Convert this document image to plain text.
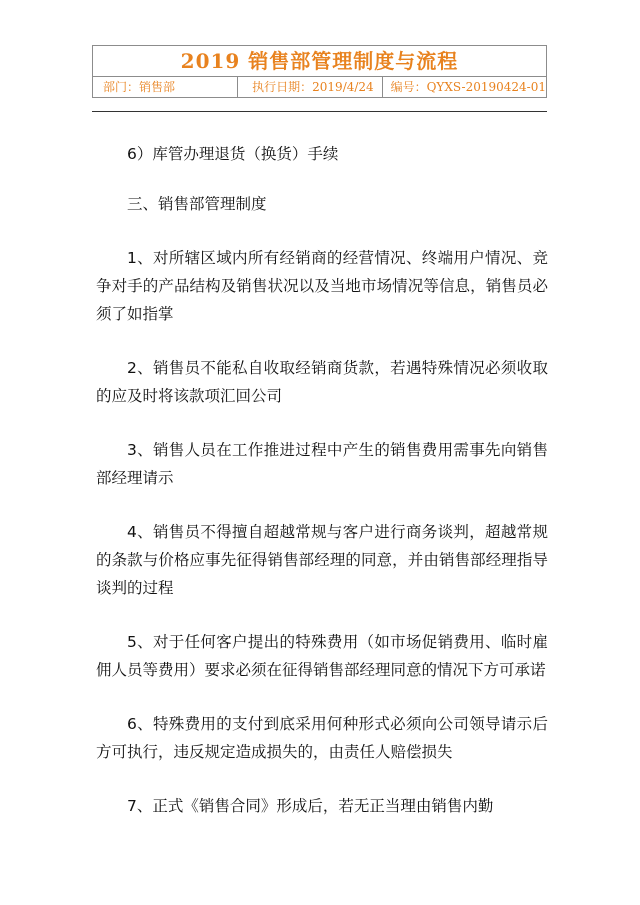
2019 销售部管理制度与流程
部门：销售部	执行日期：2019/4/24	编号：QYXS-20190424-01

6）库管办理退货（换货）手续

三、销售部管理制度

1、对所辖区域内所有经销商的经营情况、终端用户情况、竞争对手的产品结构及销售状况以及当地市场情况等信息，销售员必须了如指掌

2、销售员不能私自收取经销商货款，若遇特殊情况必须收取的应及时将该款项汇回公司

3、销售人员在工作推进过程中产生的销售费用需事先向销售部经理请示

4、销售员不得擅自超越常规与客户进行商务谈判，超越常规的条款与价格应事先征得销售部经理的同意，并由销售部经理指导谈判的过程

5、对于任何客户提出的特殊费用（如市场促销费用、临时雇佣人员等费用）要求必须在征得销售部经理同意的情况下方可承诺

6、特殊费用的支付到底采用何种形式必须向公司领导请示后方可执行，违反规定造成损失的，由责任人赔偿损失

7、正式《销售合同》形成后，若无正当理由销售内勤
